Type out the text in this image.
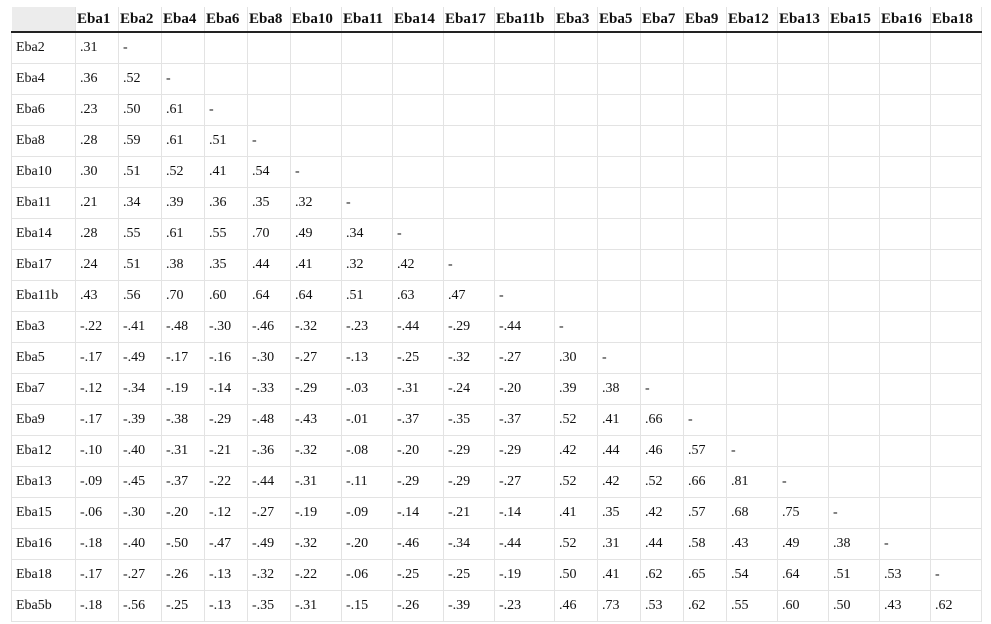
	Eba1	Eba2	Eba4	Eba6	Eba8	Eba10	Eba11	Eba14	Eba17	Eba11b	Eba3	Eba5	Eba7	Eba9	Eba12	Eba13	Eba15	Eba16	Eba18
Eba2	.31	-																	
Eba4	.36	.52	-																
Eba6	.23	.50	.61	-															
Eba8	.28	.59	.61	.51	-														
Eba10	.30	.51	.52	.41	.54	-													
Eba11	.21	.34	.39	.36	.35	.32	-												
Eba14	.28	.55	.61	.55	.70	.49	.34	-											
Eba17	.24	.51	.38	.35	.44	.41	.32	.42	-										
Eba11b	.43	.56	.70	.60	.64	.64	.51	.63	.47	-									
Eba3	-.22	-.41	-.48	-.30	-.46	-.32	-.23	-.44	-.29	-.44	-								
Eba5	-.17	-.49	-.17	-.16	-.30	-.27	-.13	-.25	-.32	-.27	.30	-							
Eba7	-.12	-.34	-.19	-.14	-.33	-.29	-.03	-.31	-.24	-.20	.39	.38	-						
Eba9	-.17	-.39	-.38	-.29	-.48	-.43	-.01	-.37	-.35	-.37	.52	.41	.66	-					
Eba12	-.10	-.40	-.31	-.21	-.36	-.32	-.08	-.20	-.29	-.29	.42	.44	.46	.57	-				
Eba13	-.09	-.45	-.37	-.22	-.44	-.31	-.11	-.29	-.29	-.27	.52	.42	.52	.66	.81	-			
Eba15	-.06	-.30	-.20	-.12	-.27	-.19	-.09	-.14	-.21	-.14	.41	.35	.42	.57	.68	.75	-		
Eba16	-.18	-.40	-.50	-.47	-.49	-.32	-.20	-.46	-.34	-.44	.52	.31	.44	.58	.43	.49	.38	-	
Eba18	-.17	-.27	-.26	-.13	-.32	-.22	-.06	-.25	-.25	-.19	.50	.41	.62	.65	.54	.64	.51	.53	-
Eba5b	-.18	-.56	-.25	-.13	-.35	-.31	-.15	-.26	-.39	-.23	.46	.73	.53	.62	.55	.60	.50	.43	.62
